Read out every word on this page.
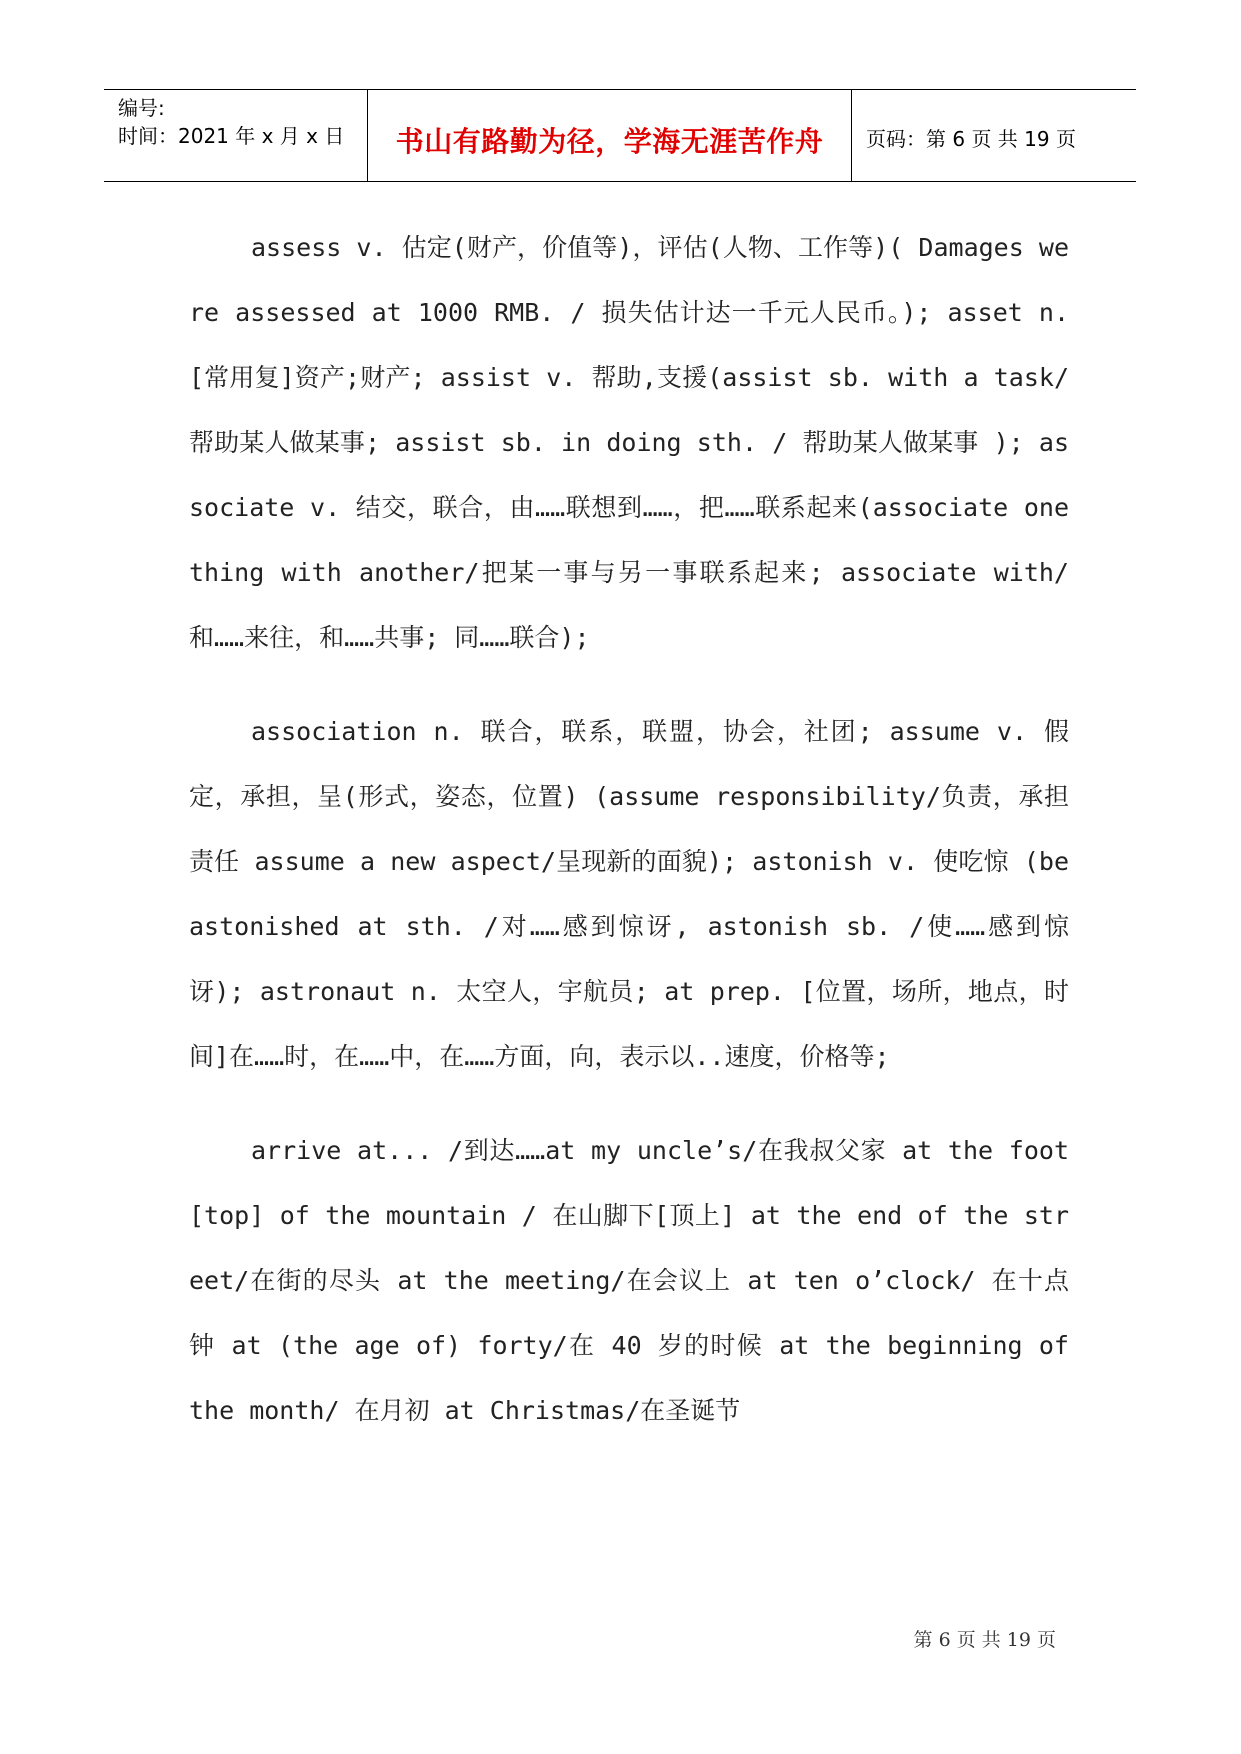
编号:
时间：2021 年 x 月 x 日	书山有路勤为径，学海无涯苦作舟	页码：第 6 页 共 19 页

assess v. 估定(财产，价值等)，评估(人物、工作等)( Damages were assessed at 1000 RMB. / 损失估计达一千元人民币。); asset n. [常用复]资产;财产; assist v. 帮助,支援(assist sb. with a task/帮助某人做某事; assist sb. in doing sth. / 帮助某人做某事 ); associate v. 结交，联合，由……联想到……，把……联系起来(associate one thing with another/把某一事与另一事联系起来; associate with/和……来往，和……共事; 同……联合);

association n. 联合，联系，联盟，协会，社团; assume v. 假定，承担，呈(形式，姿态，位置) (assume responsibility/负责，承担责任 assume a new aspect/呈现新的面貌); astonish v. 使吃惊 (be astonished at sth. /对……感到惊讶, astonish sb. /使……感到惊讶); astronaut n. 太空人，宇航员; at prep. [位置，场所，地点，时间]在……时，在……中，在……方面，向，表示以..速度，价格等;

arrive at... /到达……at my uncle’s/在我叔父家 at the foot[top] of the mountain / 在山脚下[顶上] at the end of the street/在街的尽头 at the meeting/在会议上 at ten o’clock/ 在十点钟 at (the age of) forty/在 40 岁的时候 at the beginning of the month/ 在月初 at Christmas/在圣诞节

第 6 页 共 19 页
